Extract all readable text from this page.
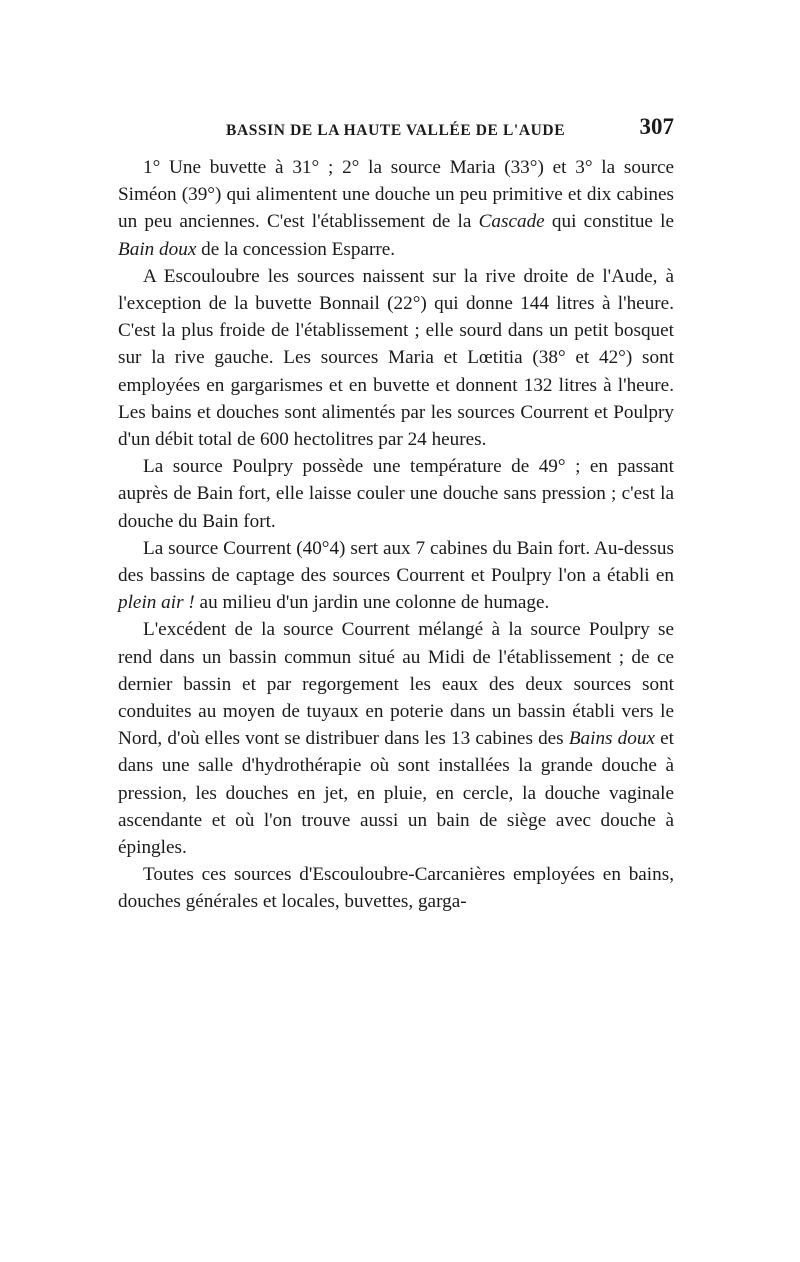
BASSIN DE LA HAUTE VALLÉE DE L'AUDE	307

1° Une buvette à 31° ; 2° la source Maria (33°) et 3° la source Siméon (39°) qui alimentent une douche un peu primitive et dix cabines un peu anciennes. C'est l'établissement de la Cascade qui constitue le Bain doux de la concession Esparre.

A Escouloubre les sources naissent sur la rive droite de l'Aude, à l'exception de la buvette Bonnail (22°) qui donne 144 litres à l'heure. C'est la plus froide de l'établissement ; elle sourd dans un petit bosquet sur la rive gauche. Les sources Maria et Lœtitia (38° et 42°) sont employées en gargarismes et en buvette et donnent 132 litres à l'heure. Les bains et douches sont alimentés par les sources Courrent et Poulpry d'un débit total de 600 hectolitres par 24 heures.

La source Poulpry possède une température de 49° ; en passant auprès de Bain fort, elle laisse couler une douche sans pression ; c'est la douche du Bain fort.

La source Courrent (40°4) sert aux 7 cabines du Bain fort. Au-dessus des bassins de captage des sources Courrent et Poulpry l'on a établi en plein air ! au milieu d'un jardin une colonne de humage.

L'excédent de la source Courrent mélangé à la source Poulpry se rend dans un bassin commun situé au Midi de l'établissement ; de ce dernier bassin et par regorgement les eaux des deux sources sont conduites au moyen de tuyaux en poterie dans un bassin établi vers le Nord, d'où elles vont se distribuer dans les 13 cabines des Bains doux et dans une salle d'hydrothérapie où sont installées la grande douche à pression, les douches en jet, en pluie, en cercle, la douche vaginale ascendante et où l'on trouve aussi un bain de siège avec douche à épingles.

Toutes ces sources d'Escouloubre-Carcanières employées en bains, douches générales et locales, buvettes, garga-
